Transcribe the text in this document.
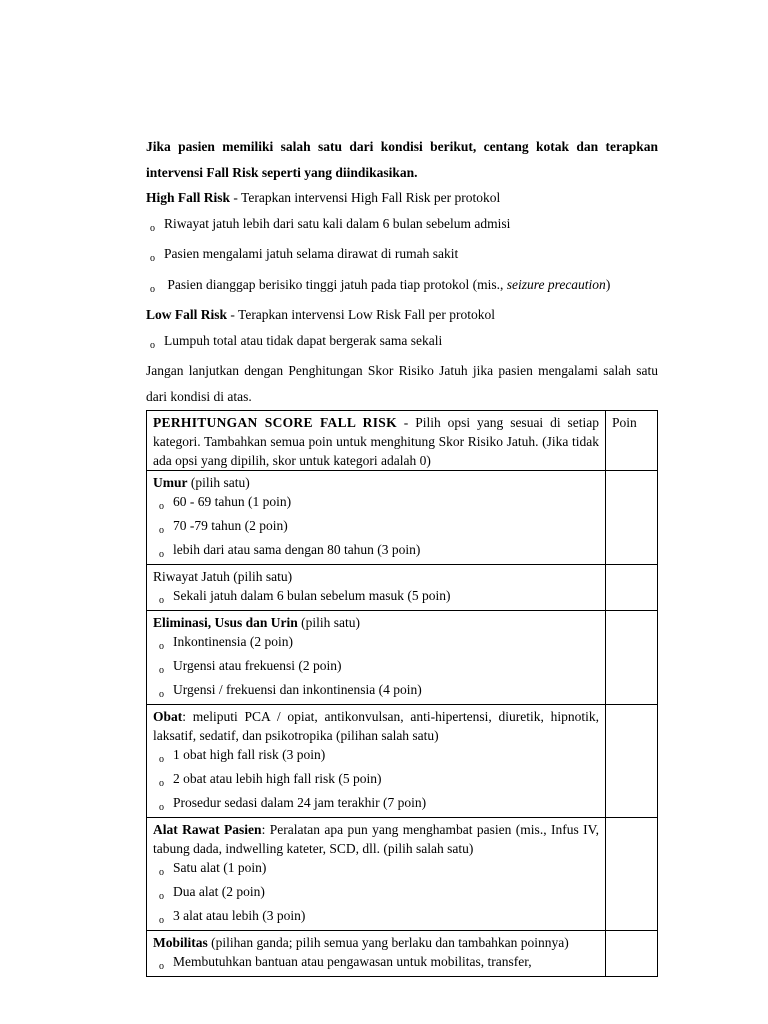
Jika pasien memiliki salah satu dari kondisi berikut, centang kotak dan terapkan intervensi Fall Risk seperti yang diindikasikan.

High Fall Risk - Terapkan intervensi High Fall Risk per protokol

o Riwayat jatuh lebih dari satu kali dalam 6 bulan sebelum admisi

o Pasien mengalami jatuh selama dirawat di rumah sakit

o Pasien dianggap berisiko tinggi jatuh pada tiap protokol (mis., seizure precaution)

Low Fall Risk - Terapkan intervensi Low Risk Fall per protokol

o Lumpuh total atau tidak dapat bergerak sama sekali

Jangan lanjutkan dengan Penghitungan Skor Risiko Jatuh jika pasien mengalami salah satu dari kondisi di atas.

PERHITUNGAN SCORE FALL RISK - Pilih opsi yang sesuai di setiap kategori. Tambahkan semua poin untuk menghitung Skor Risiko Jatuh. (Jika tidak ada opsi yang dipilih, skor untuk kategori adalah 0)	Poin

Umur (pilih satu)
o 60 - 69 tahun (1 poin)
o 70 -79 tahun (2 poin)
o lebih dari atau sama dengan 80 tahun (3 poin)	

Riwayat Jatuh (pilih satu)
o Sekali jatuh dalam 6 bulan sebelum masuk (5 poin)	

Eliminasi, Usus dan Urin (pilih satu)
o Inkontinensia (2 poin)
o Urgensi atau frekuensi (2 poin)
o Urgensi / frekuensi dan inkontinensia (4 poin)	

Obat: meliputi PCA / opiat, antikonvulsan, anti-hipertensi, diuretik, hipnotik, laksatif, sedatif, dan psikotropika (pilihan salah satu)
o 1 obat high fall risk (3 poin)
o 2 obat atau lebih high fall risk (5 poin)
o Prosedur sedasi dalam 24 jam terakhir (7 poin)	

Alat Rawat Pasien: Peralatan apa pun yang menghambat pasien (mis., Infus IV, tabung dada, indwelling kateter, SCD, dll. (pilih salah satu)
o Satu alat (1 poin)
o Dua alat (2 poin)
o 3 alat atau lebih (3 poin)	

Mobilitas (pilihan ganda; pilih semua yang berlaku dan tambahkan poinnya)
o Membutuhkan bantuan atau pengawasan untuk mobilitas, transfer,	
